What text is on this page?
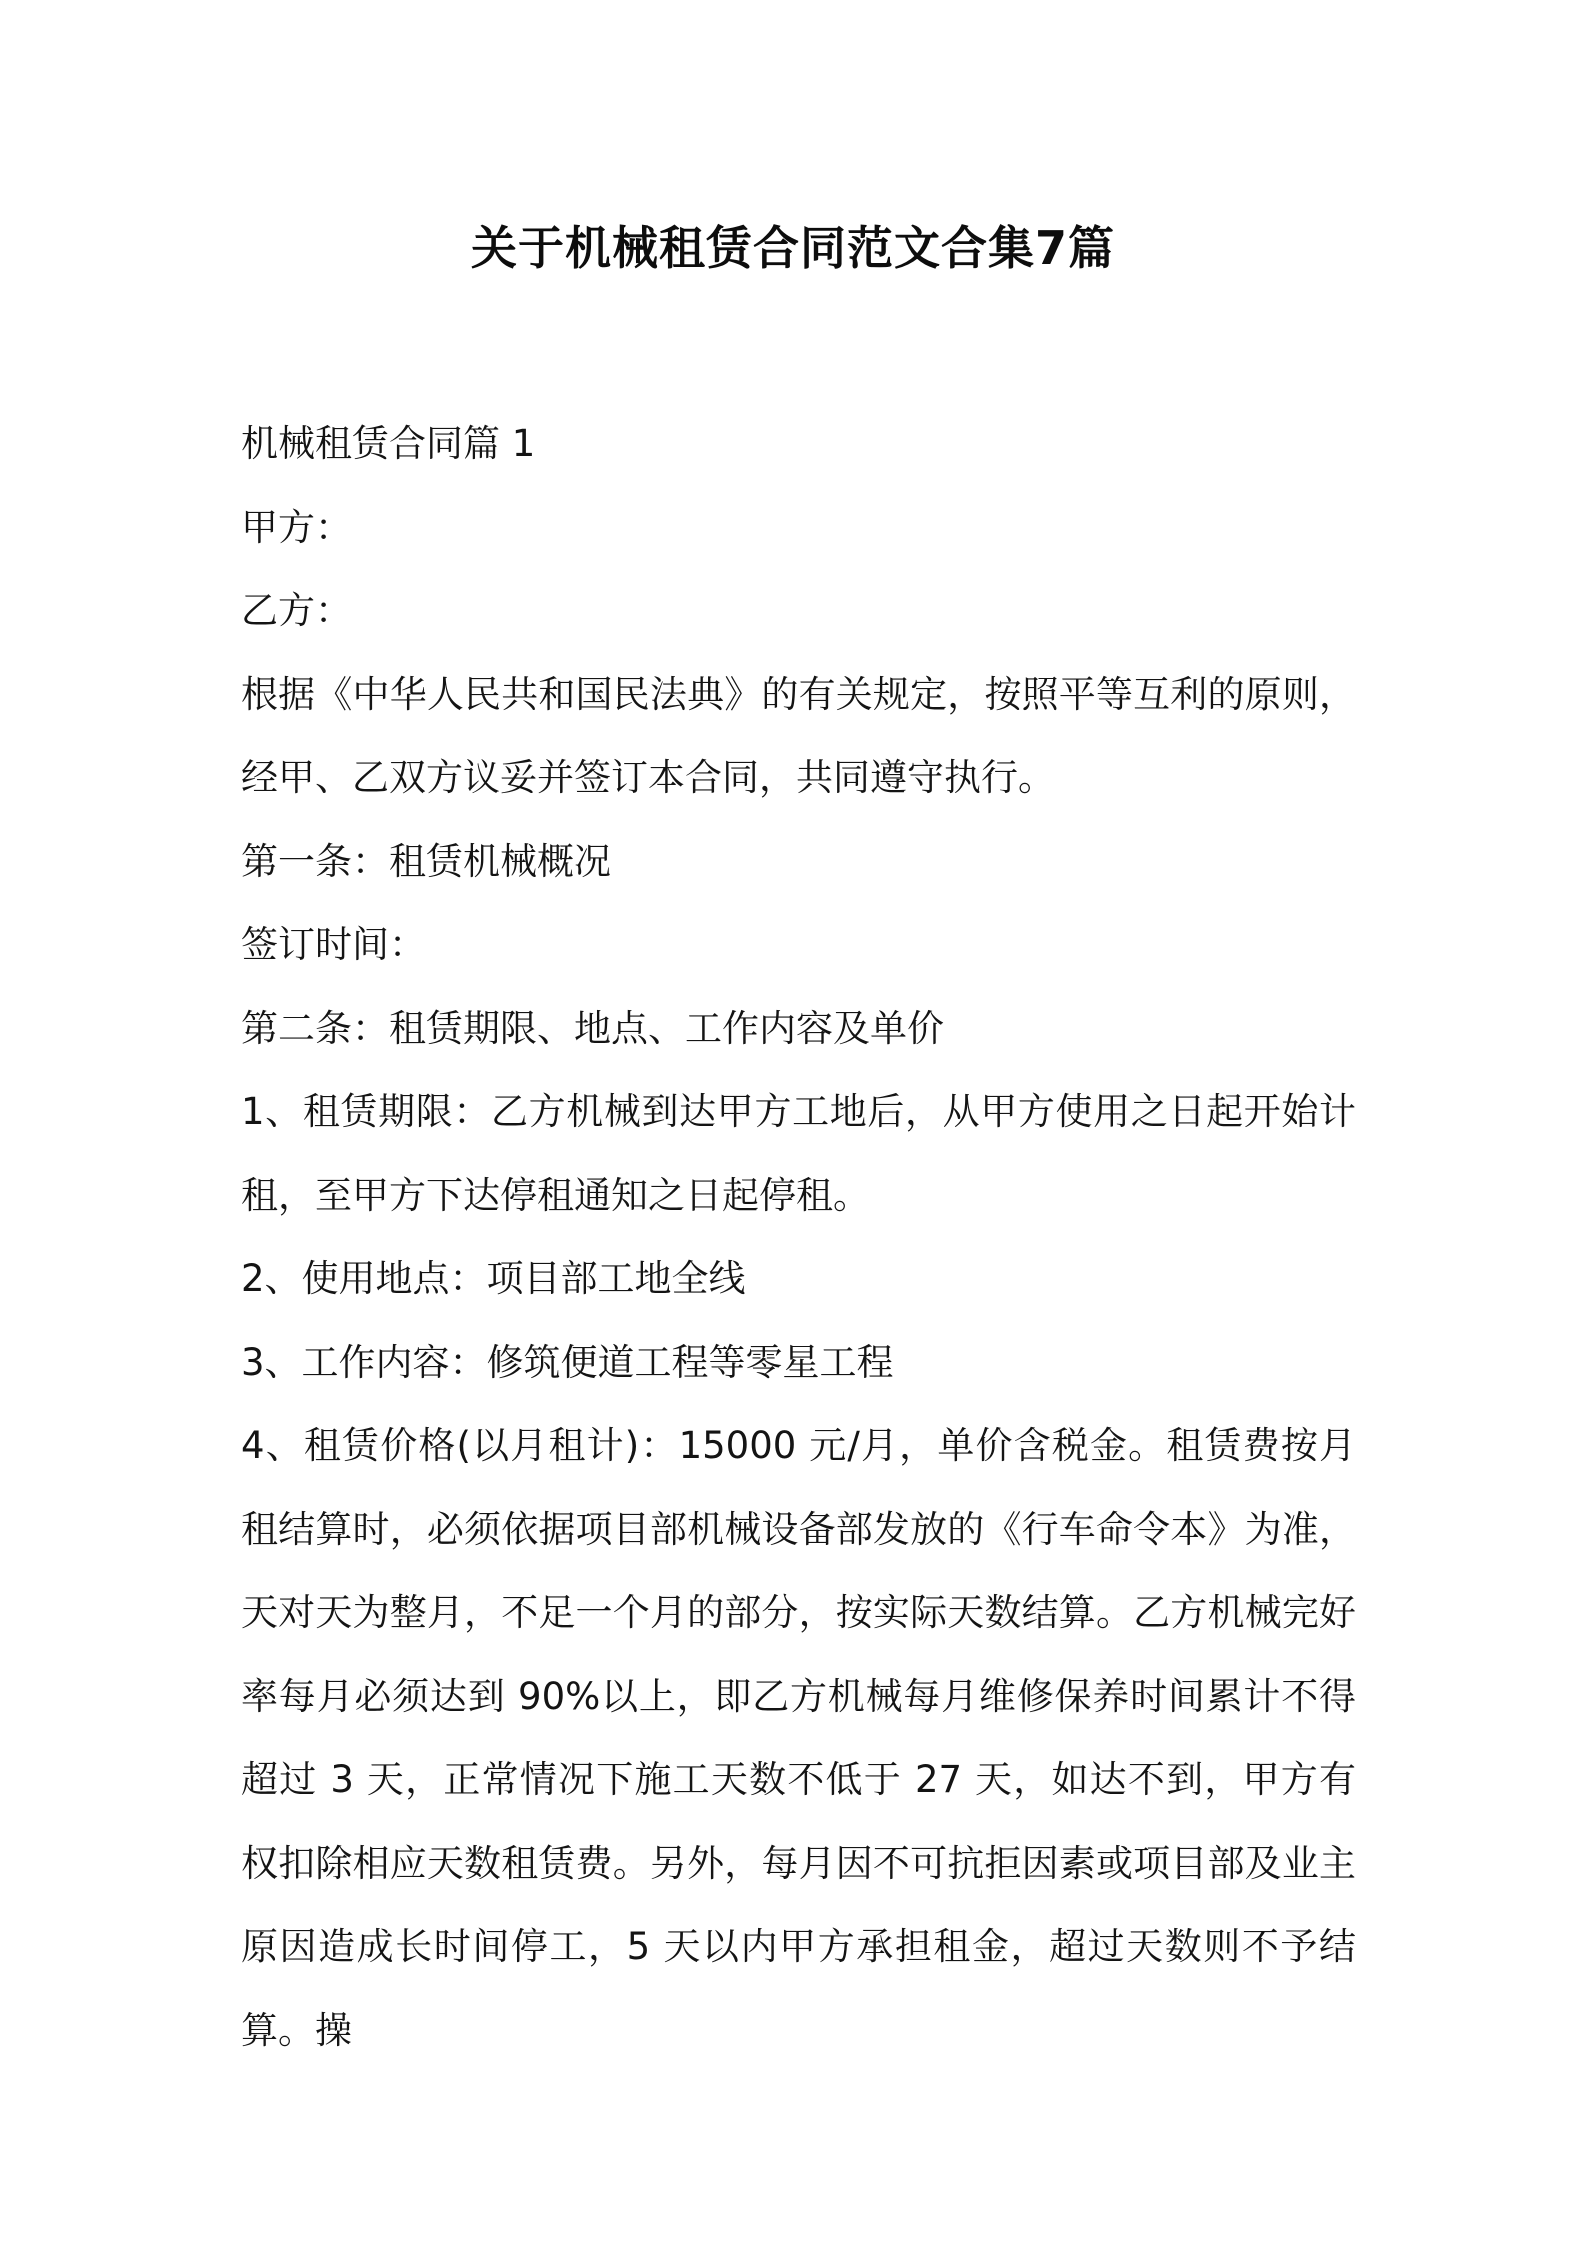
关于机械租赁合同范文合集7篇

机械租赁合同篇 1

甲方：

乙方：

根据《中华人民共和国民法典》的有关规定，按照平等互利的原则，经甲、乙双方议妥并签订本合同，共同遵守执行。

第一条：租赁机械概况

签订时间：

第二条：租赁期限、地点、工作内容及单价

1、租赁期限：乙方机械到达甲方工地后，从甲方使用之日起开始计租，至甲方下达停租通知之日起停租。

2、使用地点：项目部工地全线

3、工作内容：修筑便道工程等零星工程

4、租赁价格(以月租计)：15000 元/月，单价含税金。租赁费按月租结算时，必须依据项目部机械设备部发放的《行车命令本》为准，天对天为整月，不足一个月的部分，按实际天数结算。乙方机械完好率每月必须达到 90%以上，即乙方机械每月维修保养时间累计不得超过 3 天，正常情况下施工天数不低于 27 天，如达不到，甲方有权扣除相应天数租赁费。另外，每月因不可抗拒因素或项目部及业主原因造成长时间停工，5 天以内甲方承担租金，超过天数则不予结算。操
